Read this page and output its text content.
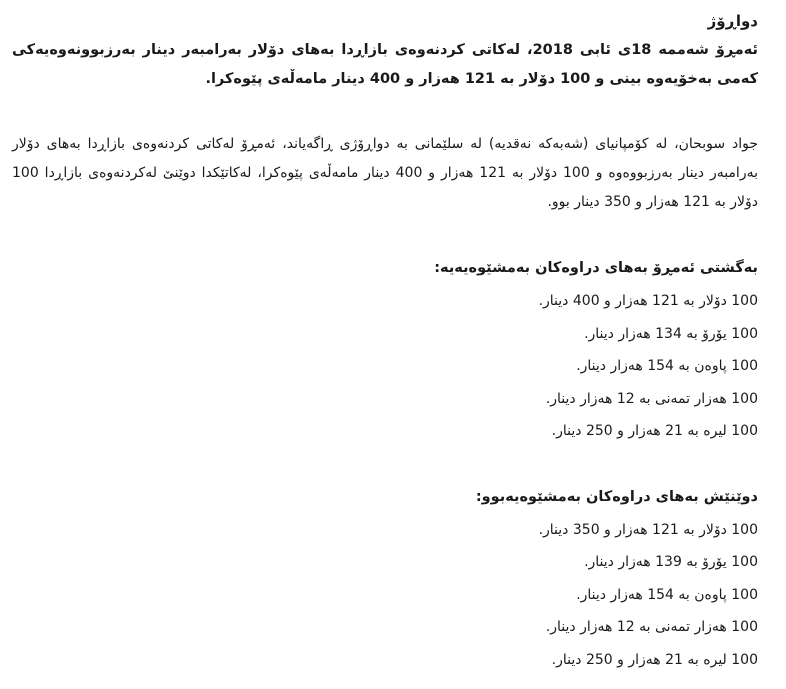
دواڕۆژ

ئەمڕۆ شەممە 18ی ئابی 2018، لەکاتی کردنەوەی بازاڕدا بەهای دۆلار بەرامبەر دینار بەرزبوونەوەیەکی کەمی بەخۆیەوە بینی و 100 دۆلار بە 121 هەزار و 400 دینار مامەڵەی پێوەکرا.

جواد سوبحان، لە کۆمپانیای (شەبەکە نەقدیە) لە سلێمانی بە دواڕۆژی ڕاگەیاند، ئەمڕۆ لەکاتی کردنەوەی بازاڕدا بەهای دۆلار بەرامبەر دینار بەرزبووەوە و 100 دۆلار بە 121 هەزار و 400 دینار مامەڵەی پێوەکرا، لەکاتێکدا دوێنێ لەکردنەوەی بازاڕدا 100 دۆلار بە 121 هەزار و 350 دینار بوو.

بەگشتی ئەمڕۆ بەهای دراوەکان بەمشێوەیەیە:
100 دۆلار بە 121 هەزار و 400 دینار.
100 یۆرۆ بە 134 هەزار دینار.
100 پاوەن بە 154 هەزار دینار.
100 هەزار تمەنی بە 12 هەزار دینار.
100 لیرە بە 21 هەزار و 250 دینار.
دوێنێش بەهای دراوەکان بەمشێوەیەبوو:
100 دۆلار بە 121 هەزار و 350 دینار.
100 یۆرۆ بە 139 هەزار دینار.
100 پاوەن بە 154 هەزار دینار.
100 هەزار تمەنی بە 12 هەزار دینار.
100 لیرە بە 21 هەزار و 250 دینار.
